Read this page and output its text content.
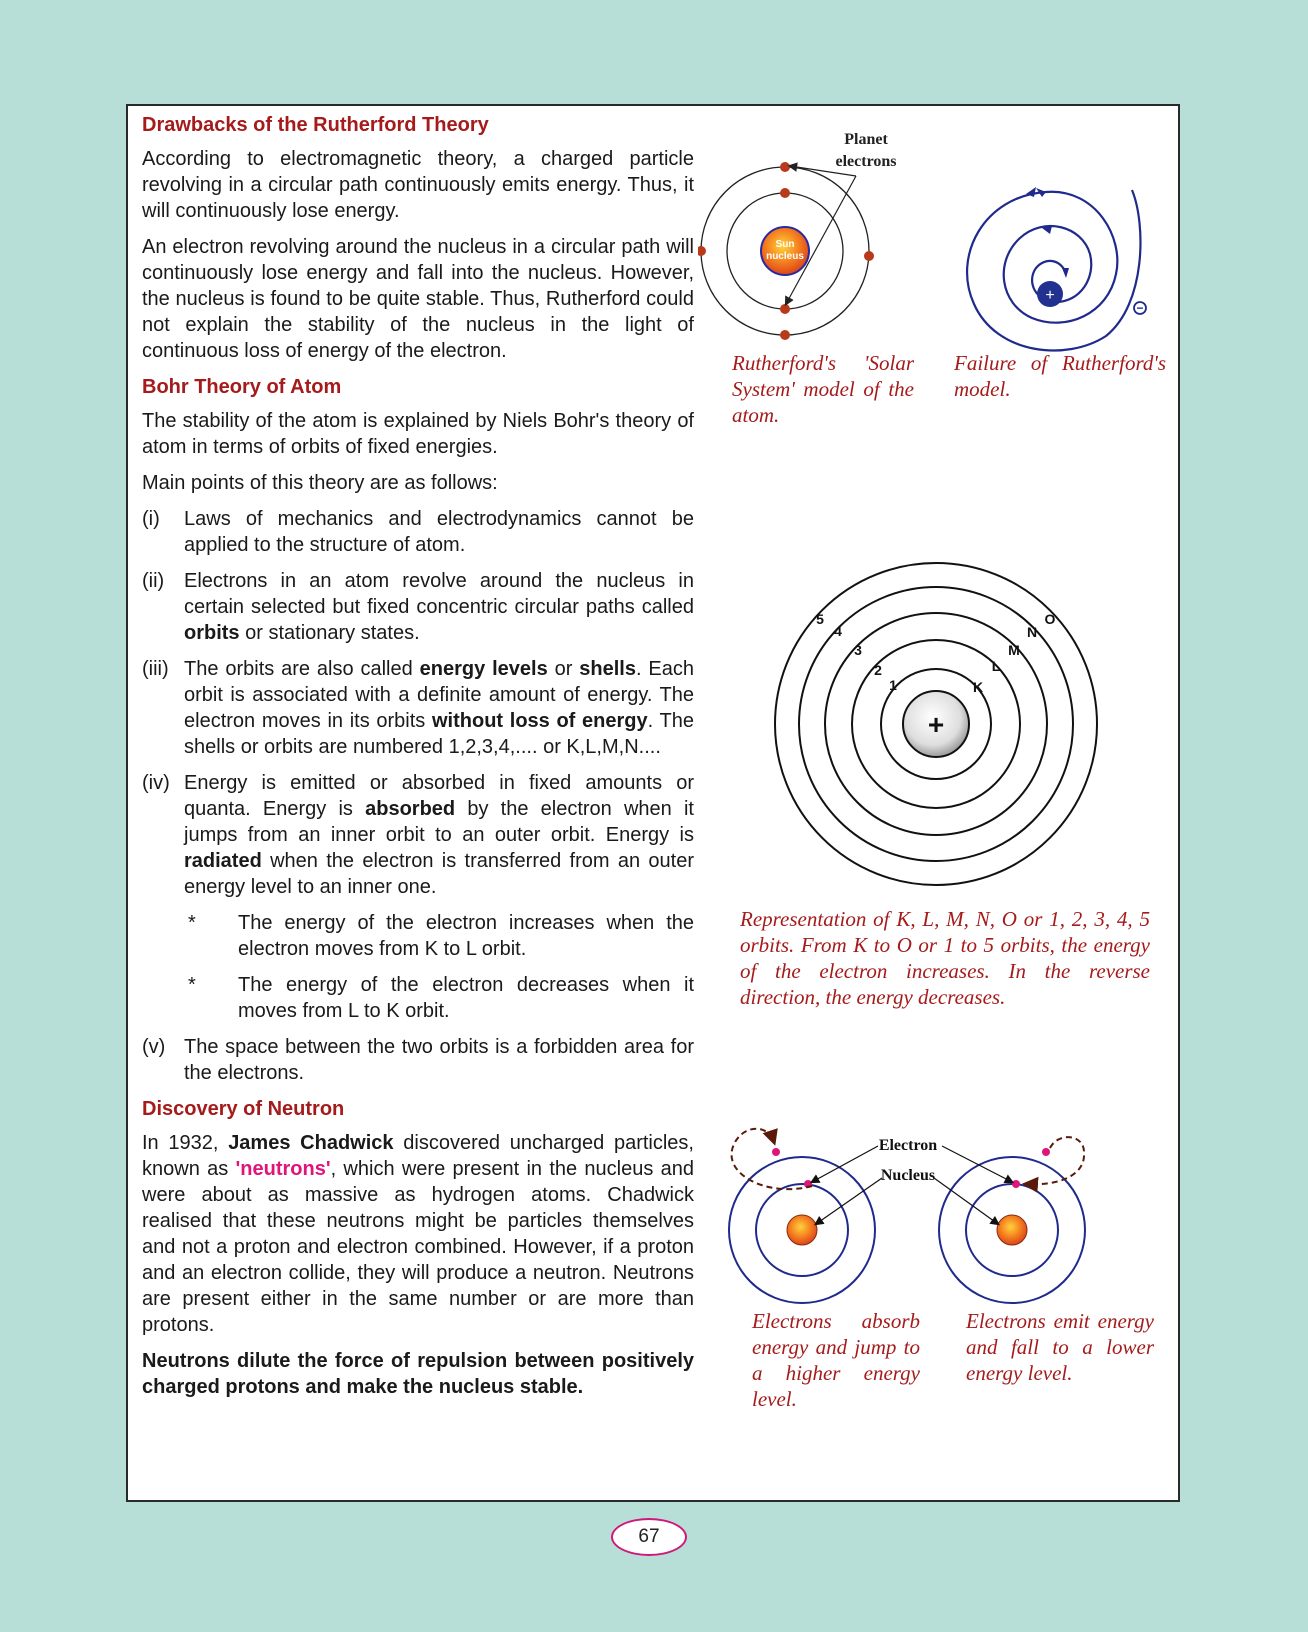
Drawbacks of the Rutherford Theory

According to electromagnetic theory, a charged particle revolving in a circular path continuously emits energy. Thus, it will continuously lose energy.

An electron revolving around the nucleus in a circular path will continuously lose energy and fall into the nucleus. However, the nucleus is found to be quite stable. Thus, Rutherford could not explain the stability of the nucleus in the light of continuous loss of energy of the electron.

Bohr Theory of Atom

The stability of the atom is explained by Niels Bohr's theory of atom in terms of orbits of fixed energies.

Main points of this theory are as follows:

(i)	Laws of mechanics and electrodynamics cannot be applied to the structure of atom.
(ii) Electrons in an atom revolve around the nucleus in certain selected but fixed concentric circular paths called orbits or stationary states.
(iii) The orbits are also called energy levels or shells. Each orbit is associated with a definite amount of energy. The electron moves in its orbits without loss of energy. The shells or orbits are numbered 1,2,3,4,.... or K,L,M,N....
(iv) Energy is emitted or absorbed in fixed amounts or quanta. Energy is absorbed by the electron when it jumps from an inner orbit to an outer orbit. Energy is radiated when the electron is transferred from an outer energy level to an inner one.
*	The energy of the electron increases when the electron moves from K to L orbit.
*	The energy of the electron decreases when it moves from L to K orbit.
(v) The space between the two orbits is a forbidden area for the electrons.
Discovery of Neutron

In 1932, James Chadwick discovered uncharged particles, known as 'neutrons', which were present in the nucleus and were about as massive as hydrogen atoms. Chadwick realised that these neutrons might be particles themselves and not a proton and electron combined. However, if a proton and an electron collide, they will produce a neutron. Neutrons are present either in the same number or are more than protons.

Neutrons dilute the force of repulsion between positively charged protons and make the nucleus stable.

Sun
nucleus
Planet
electrons
Rutherford's 'Solar System' model of the atom.
+
−
Failure of Rutherford's model.
+
1
2
3
4
5
K
L
M
N
O
Representation of K, L, M, N, O or 1, 2, 3, 4, 5 orbits. From K to O or 1 to 5 orbits, the energy of the electron increases. In the reverse direction, the energy decreases.
Electron
Nucleus
Electrons absorb energy and jump to a higher energy level.
Electrons emit energy and fall to a lower energy level.
67
